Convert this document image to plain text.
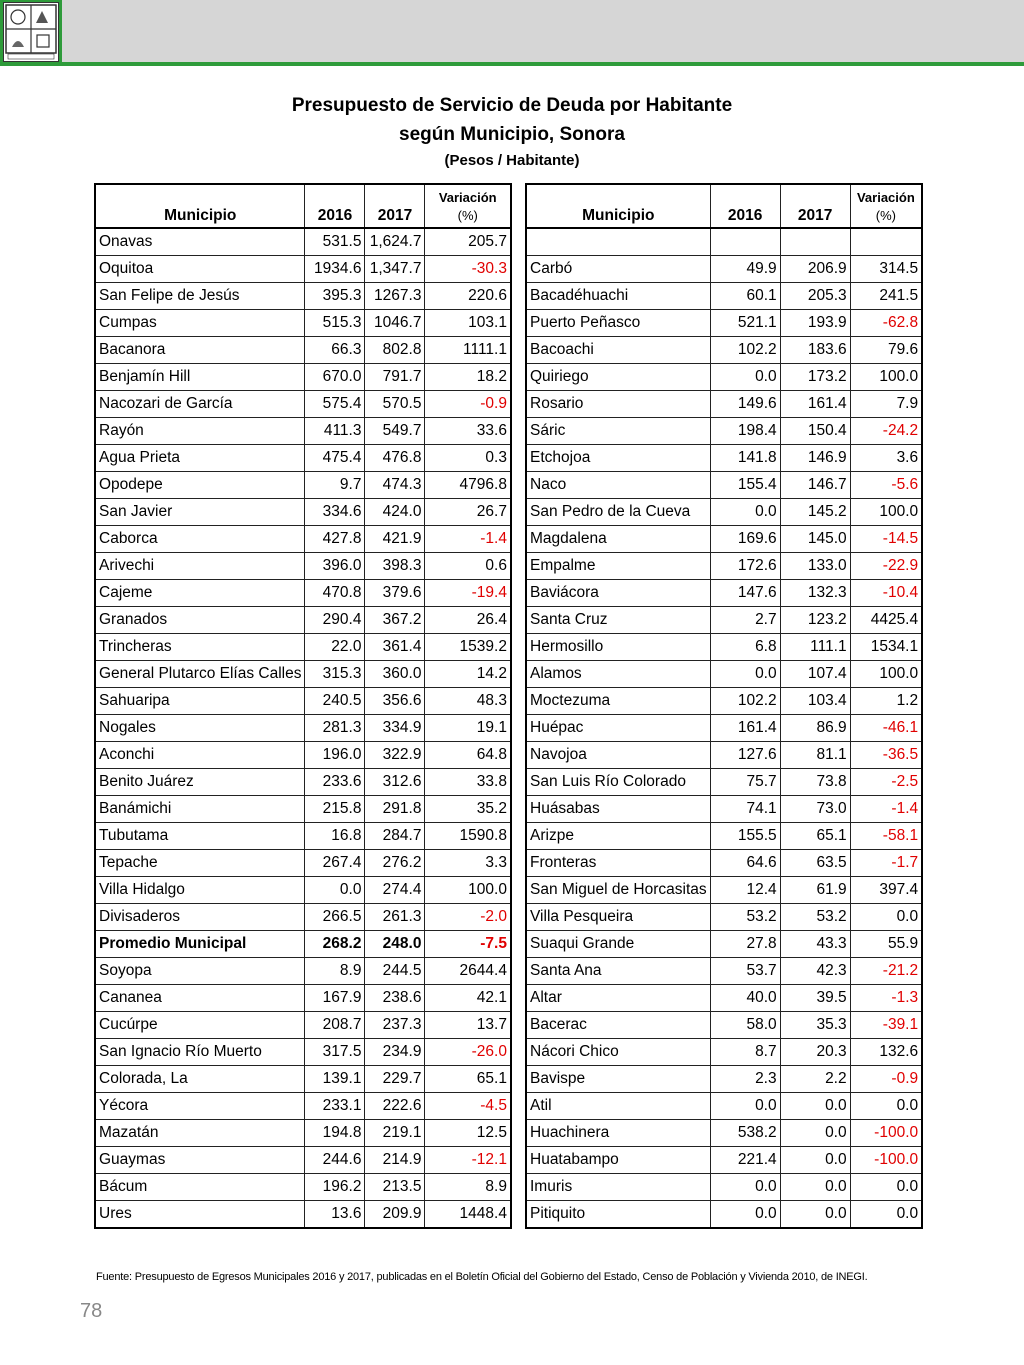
Presupuesto de Servicio de Deuda por Habitante
según Municipio, Sonora
(Pesos / Habitante)
Municipio	2016	2017	Variación
(%)

Onavas	531.5	1,624.7	205.7
Oquitoa	1934.6	1,347.7	-30.3
San Felipe de Jesús	395.3	1267.3	220.6
Cumpas	515.3	1046.7	103.1
Bacanora	66.3	802.8	1111.1
Benjamín Hill	670.0	791.7	18.2
Nacozari de García	575.4	570.5	-0.9
Rayón	411.3	549.7	33.6
Agua Prieta	475.4	476.8	0.3
Opodepe	9.7	474.3	4796.8
San Javier	334.6	424.0	26.7
Caborca	427.8	421.9	-1.4
Arivechi	396.0	398.3	0.6
Cajeme	470.8	379.6	-19.4
Granados	290.4	367.2	26.4
Trincheras	22.0	361.4	1539.2
General Plutarco Elías Calles	315.3	360.0	14.2
Sahuaripa	240.5	356.6	48.3
Nogales	281.3	334.9	19.1
Aconchi	196.0	322.9	64.8
Benito Juárez	233.6	312.6	33.8
Banámichi	215.8	291.8	35.2
Tubutama	16.8	284.7	1590.8
Tepache	267.4	276.2	3.3
Villa Hidalgo	0.0	274.4	100.0
Divisaderos	266.5	261.3	-2.0
Promedio Municipal	268.2	248.0	-7.5
Soyopa	8.9	244.5	2644.4
Cananea	167.9	238.6	42.1
Cucúrpe	208.7	237.3	13.7
San Ignacio Río Muerto	317.5	234.9	-26.0
Colorada, La	139.1	229.7	65.1
Yécora	233.1	222.6	-4.5
Mazatán	194.8	219.1	12.5
Guaymas	244.6	214.9	-12.1
Bácum	196.2	213.5	8.9
Ures	13.6	209.9	1448.4
Municipio	2016	2017	Variación
(%)

Carbó	49.9	206.9	314.5
Bacadéhuachi	60.1	205.3	241.5
Puerto Peñasco	521.1	193.9	-62.8
Bacoachi	102.2	183.6	79.6
Quiriego	0.0	173.2	100.0
Rosario	149.6	161.4	7.9
Sáric	198.4	150.4	-24.2
Etchojoa	141.8	146.9	3.6
Naco	155.4	146.7	-5.6
San Pedro de la Cueva	0.0	145.2	100.0
Magdalena	169.6	145.0	-14.5
Empalme	172.6	133.0	-22.9
Baviácora	147.6	132.3	-10.4
Santa Cruz	2.7	123.2	4425.4
Hermosillo	6.8	111.1	1534.1
Alamos	0.0	107.4	100.0
Moctezuma	102.2	103.4	1.2
Huépac	161.4	86.9	-46.1
Navojoa	127.6	81.1	-36.5
San Luis Río Colorado	75.7	73.8	-2.5
Huásabas	74.1	73.0	-1.4
Arizpe	155.5	65.1	-58.1
Fronteras	64.6	63.5	-1.7
San Miguel de Horcasitas	12.4	61.9	397.4
Villa Pesqueira	53.2	53.2	0.0
Suaqui Grande	27.8	43.3	55.9
Santa Ana	53.7	42.3	-21.2
Altar	40.0	39.5	-1.3
Bacerac	58.0	35.3	-39.1
Nácori Chico	8.7	20.3	132.6
Bavispe	2.3	2.2	-0.9
Atil	0.0	0.0	0.0
Huachinera	538.2	0.0	-100.0
Huatabampo	221.4	0.0	-100.0
Imuris	0.0	0.0	0.0
Pitiquito	0.0	0.0	0.0
Fuente: Presupuesto de Egresos Municipales 2016 y 2017, publicadas en el Boletín Oficial del Gobierno del Estado, Censo de Población y Vivienda 2010, de INEGI.
78
